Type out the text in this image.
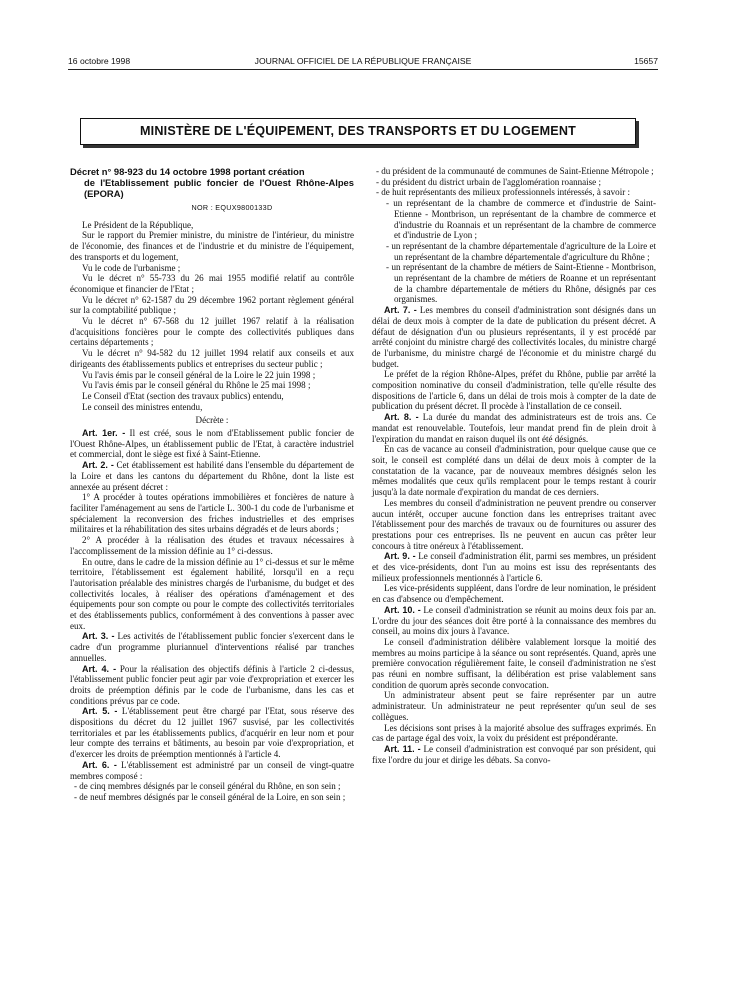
16 octobre 1998	JOURNAL OFFICIEL DE LA RÉPUBLIQUE FRANÇAISE	15657
MINISTÈRE DE L'ÉQUIPEMENT, DES TRANSPORTS ET DU LOGEMENT
Décret n° 98-923 du 14 octobre 1998 portant création
de l'Etablissement public foncier de l'Ouest Rhône-Alpes (EPORA)
NOR : EQUX9800133D

Le Président de la République,

Sur le rapport du Premier ministre, du ministre de l'intérieur, du ministre de l'économie, des finances et de l'industrie et du ministre de l'équipement, des transports et du logement,

Vu le code de l'urbanisme ;

Vu le décret n° 55-733 du 26 mai 1955 modifié relatif au contrôle économique et financier de l'Etat ;

Vu le décret n° 62-1587 du 29 décembre 1962 portant règlement général sur la comptabilité publique ;

Vu le décret n° 67-568 du 12 juillet 1967 relatif à la réalisation d'acquisitions foncières pour le compte des collectivités publiques dans certains départements ;

Vu le décret n° 94-582 du 12 juillet 1994 relatif aux conseils et aux dirigeants des établissements publics et entreprises du secteur public ;

Vu l'avis émis par le conseil général de la Loire le 22 juin 1998 ;

Vu l'avis émis par le conseil général du Rhône le 25 mai 1998 ;

Le Conseil d'Etat (section des travaux publics) entendu,

Le conseil des ministres entendu,

Décrète :

Art. 1er. - Il est créé, sous le nom d'Etablissement public foncier de l'Ouest Rhône-Alpes, un établissement public de l'Etat, à caractère industriel et commercial, dont le siège est fixé à Saint-Etienne.

Art. 2. - Cet établissement est habilité dans l'ensemble du département de la Loire et dans les cantons du département du Rhône, dont la liste est annexée au présent décret :

1° A procéder à toutes opérations immobilières et foncières de nature à faciliter l'aménagement au sens de l'article L. 300-1 du code de l'urbanisme et spécialement la reconversion des friches industrielles et des emprises militaires et la réhabilitation des sites urbains dégradés et de leurs abords ;

2° A procéder à la réalisation des études et travaux nécessaires à l'accomplissement de la mission définie au 1° ci-dessus.

En outre, dans le cadre de la mission définie au 1° ci-dessus et sur le même territoire, l'établissement est également habilité, lorsqu'il en a reçu l'autorisation préalable des ministres chargés de l'urbanisme, du budget et des collectivités locales, à réaliser des opérations d'aménagement et des équipements pour son compte ou pour le compte des collectivités territoriales et des établissements publics, conformément à des conventions à passer avec eux.

Art. 3. - Les activités de l'établissement public foncier s'exercent dans le cadre d'un programme pluriannuel d'interventions réalisé par tranches annuelles.

Art. 4. - Pour la réalisation des objectifs définis à l'article 2 ci-dessus, l'établissement public foncier peut agir par voie d'expropriation et exercer les droits de préemption définis par le code de l'urbanisme, dans les cas et conditions prévus par ce code.

Art. 5. - L'établissement peut être chargé par l'Etat, sous réserve des dispositions du décret du 12 juillet 1967 susvisé, par les collectivités territoriales et par les établissements publics, d'acquérir en leur nom et pour leur compte des terrains et bâtiments, au besoin par voie d'expropriation, et d'exercer les droits de préemption mentionnés à l'article 4.

Art. 6. - L'établissement est administré par un conseil de vingt-quatre membres composé :

- de cinq membres désignés par le conseil général du Rhône, en son sein ;

- de neuf membres désignés par le conseil général de la Loire, en son sein ;

- du président de la communauté de communes de Saint-Etienne Métropole ;

- du président du district urbain de l'agglomération roannaise ;

- de huit représentants des milieux professionnels intéressés, à savoir :

- un représentant de la chambre de commerce et d'industrie de Saint-Etienne - Montbrison, un représentant de la chambre de commerce et d'industrie du Roannais et un représentant de la chambre de commerce et d'industrie de Lyon ;

- un représentant de la chambre départementale d'agriculture de la Loire et un représentant de la chambre départementale d'agriculture du Rhône ;

- un représentant de la chambre de métiers de Saint-Etienne - Montbrison, un représentant de la chambre de métiers de Roanne et un représentant de la chambre départementale de métiers du Rhône, désignés par ces organismes.

Art. 7. - Les membres du conseil d'administration sont désignés dans un délai de deux mois à compter de la date de publication du présent décret. A défaut de désignation d'un ou plusieurs représentants, il y est procédé par arrêté conjoint du ministre chargé des collectivités locales, du ministre chargé de l'urbanisme, du ministre chargé de l'économie et du ministre chargé du budget.

Le préfet de la région Rhône-Alpes, préfet du Rhône, publie par arrêté la composition nominative du conseil d'administration, telle qu'elle résulte des dispositions de l'article 6, dans un délai de trois mois à compter de la date de publication du présent décret. Il procède à l'installation de ce conseil.

Art. 8. - La durée du mandat des administrateurs est de trois ans. Ce mandat est renouvelable. Toutefois, leur mandat prend fin de plein droit à l'expiration du mandat en raison duquel ils ont été désignés.

En cas de vacance au conseil d'administration, pour quelque cause que ce soit, le conseil est complété dans un délai de deux mois à compter de la constatation de la vacance, par de nouveaux membres désignés selon les mêmes modalités que ceux qu'ils remplacent pour le temps restant à courir jusqu'à la date normale d'expiration du mandat de ces derniers.

Les membres du conseil d'administration ne peuvent prendre ou conserver aucun intérêt, occuper aucune fonction dans les entreprises traitant avec l'établissement pour des marchés de travaux ou de fournitures ou assurer des prestations pour ces entreprises. Ils ne peuvent en aucun cas prêter leur concours à titre onéreux à l'établissement.

Art. 9. - Le conseil d'administration élit, parmi ses membres, un président et des vice-présidents, dont l'un au moins est issu des représentants des milieux professionnels mentionnés à l'article 6.

Les vice-présidents suppléent, dans l'ordre de leur nomination, le président en cas d'absence ou d'empêchement.

Art. 10. - Le conseil d'administration se réunit au moins deux fois par an. L'ordre du jour des séances doit être porté à la connaissance des membres du conseil, au moins dix jours à l'avance.

Le conseil d'administration délibère valablement lorsque la moitié des membres au moins participe à la séance ou sont représentés. Quand, après une première convocation régulièrement faite, le conseil d'administration ne s'est pas réuni en nombre suffisant, la délibération est prise valablement sans condition de quorum après seconde convocation.

Un administrateur absent peut se faire représenter par un autre administrateur. Un administrateur ne peut représenter qu'un seul de ses collègues.

Les décisions sont prises à la majorité absolue des suffrages exprimés. En cas de partage égal des voix, la voix du président est prépondérante.

Art. 11. - Le conseil d'administration est convoqué par son président, qui fixe l'ordre du jour et dirige les débats. Sa convo-
